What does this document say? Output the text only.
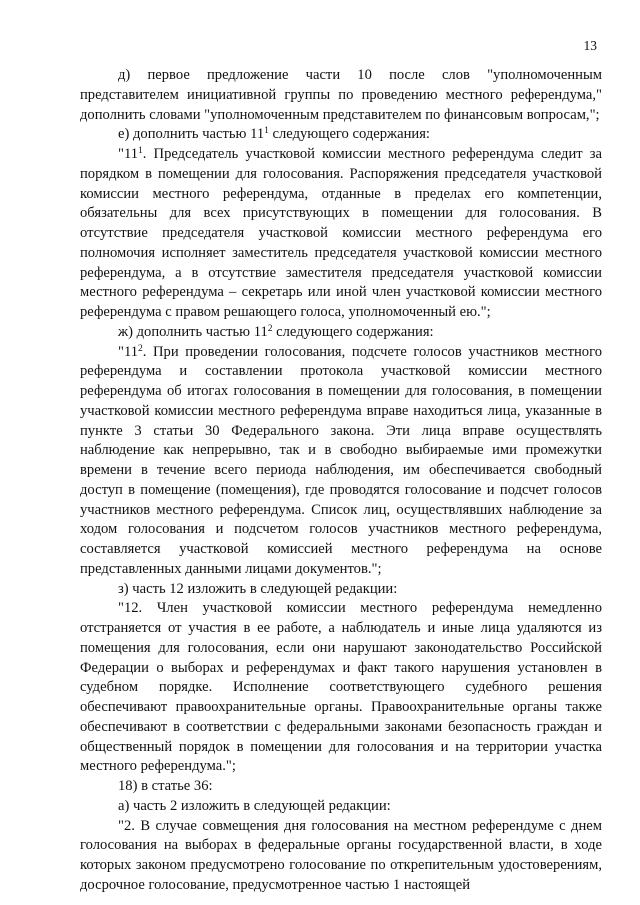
13

д) первое предложение части 10 после слов "уполномоченным представителем инициативной группы по проведению местного референдума," дополнить словами "уполномоченным представителем по финансовым вопросам,";

е) дополнить частью $11^1$ следующего содержания:

"$11^1$. Председатель участковой комиссии местного референдума следит за порядком в помещении для голосования. Распоряжения председателя участковой комиссии местного референдума, отданные в пределах его компетенции, обязательны для всех присутствующих в помещении для голосования. В отсутствие председателя участковой комиссии местного референдума его полномочия исполняет заместитель председателя участковой комиссии местного референдума, а в отсутствие заместителя председателя участковой комиссии местного референдума – секретарь или иной член участковой комиссии местного референдума с правом решающего голоса, уполномоченный ею.";

ж) дополнить частью $11^2$ следующего содержания:

"$11^2$. При проведении голосования, подсчете голосов участников местного референдума и составлении протокола участковой комиссии местного референдума об итогах голосования в помещении для голосования, в помещении участковой комиссии местного референдума вправе находиться лица, указанные в пункте 3 статьи 30 Федерального закона. Эти лица вправе осуществлять наблюдение как непрерывно, так и в свободно выбираемые ими промежутки времени в течение всего периода наблюдения, им обеспечивается свободный доступ в помещение (помещения), где проводятся голосование и подсчет голосов участников местного референдума. Список лиц, осуществлявших наблюдение за ходом голосования и подсчетом голосов участников местного референдума, составляется участковой комиссией местного референдума на основе представленных данными лицами документов.";

з) часть 12 изложить в следующей редакции:

"12. Член участковой комиссии местного референдума немедленно отстраняется от участия в ее работе, а наблюдатель и иные лица удаляются из помещения для голосования, если они нарушают законодательство Российской Федерации о выборах и референдумах и факт такого нарушения установлен в судебном порядке. Исполнение соответствующего судебного решения обеспечивают правоохранительные органы. Правоохранительные органы также обеспечивают в соответствии с федеральными законами безопасность граждан и общественный порядок в помещении для голосования и на территории участка местного референдума.";

18) в статье 36:

а) часть 2 изложить в следующей редакции:

"2. В случае совмещения дня голосования на местном референдуме с днем голосования на выборах в федеральные органы государственной власти, в ходе которых законом предусмотрено голосование по открепительным удостоверениям, досрочное голосование, предусмотренное частью 1 настоящей
